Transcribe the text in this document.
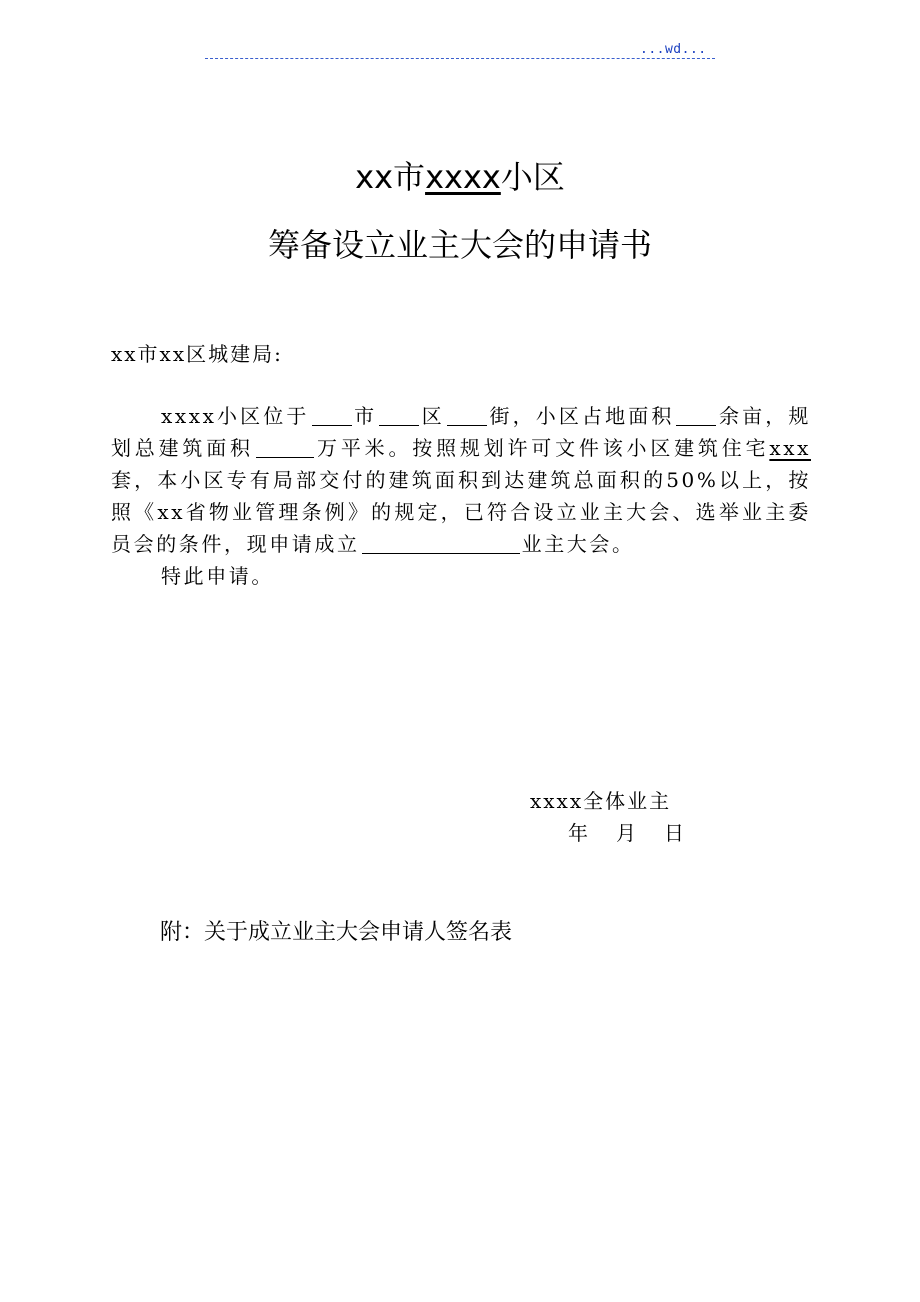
...wd...
xx市xxxx小区
筹备设立业主大会的申请书
xx市xx区城建局:

xxxx小区位于 市 区 街，小区占地面积 余亩，规划总建筑面积	万平米。按照规划许可文件该小区建筑住宅xxx套，本小区专有局部交付的建筑面积到达建筑总面积的50%以上，按照《xx省物业管理条例》的规定，已符合设立业主大会、选举业主委员会的条件，现申请成立	业主大会。

特此申请。

xxxx全体业主
年 月 日
附：关于成立业主大会申请人签名表
